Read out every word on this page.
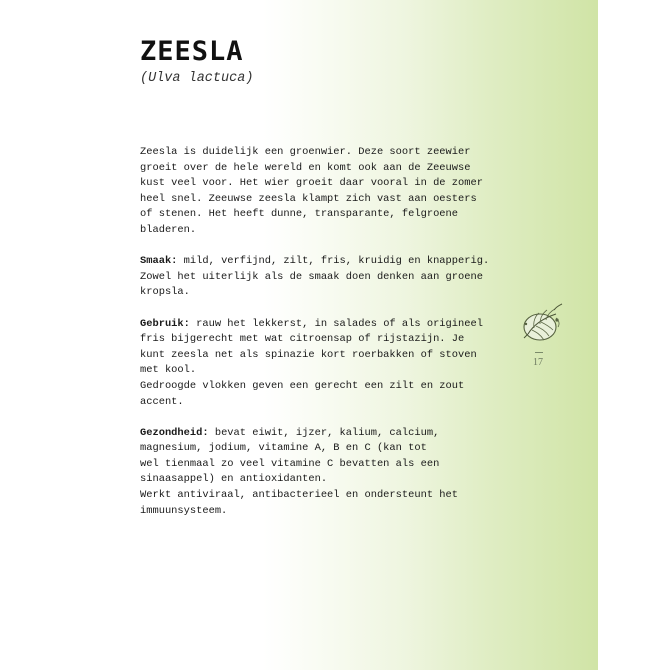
ZEESLA
(Ulva lactuca)
Zeesla is duidelijk een groenwier. Deze soort zeewier
groeit over de hele wereld en komt ook aan de Zeeuwse
kust veel voor. Het wier groeit daar vooral in de zomer
heel snel. Zeeuwse zeesla klampt zich vast aan oesters
of stenen. Het heeft dunne, transparante, felgroene
bladeren.
Smaak: mild, verfijnd, zilt, fris, kruidig en knapperig.
Zowel het uiterlijk als de smaak doen denken aan groene
kropsla.
Gebruik: rauw het lekkerst, in salades of als origineel
fris bijgerecht met wat citroensap of rijstazijn. Je
kunt zeesla net als spinazie kort roerbakken of stoven
met kool.
Gedroogde vlokken geven een gerecht een zilt en zout
accent.
Gezondheid: bevat eiwit, ijzer, kalium, calcium,
magnesium, jodium, vitamine A, B en C (kan tot
wel tienmaal zo veel vitamine C bevatten als een
sinaasappel) en antioxidanten.
Werkt antiviraal, antibacterieel en ondersteunt het
immuunsysteem.
17
